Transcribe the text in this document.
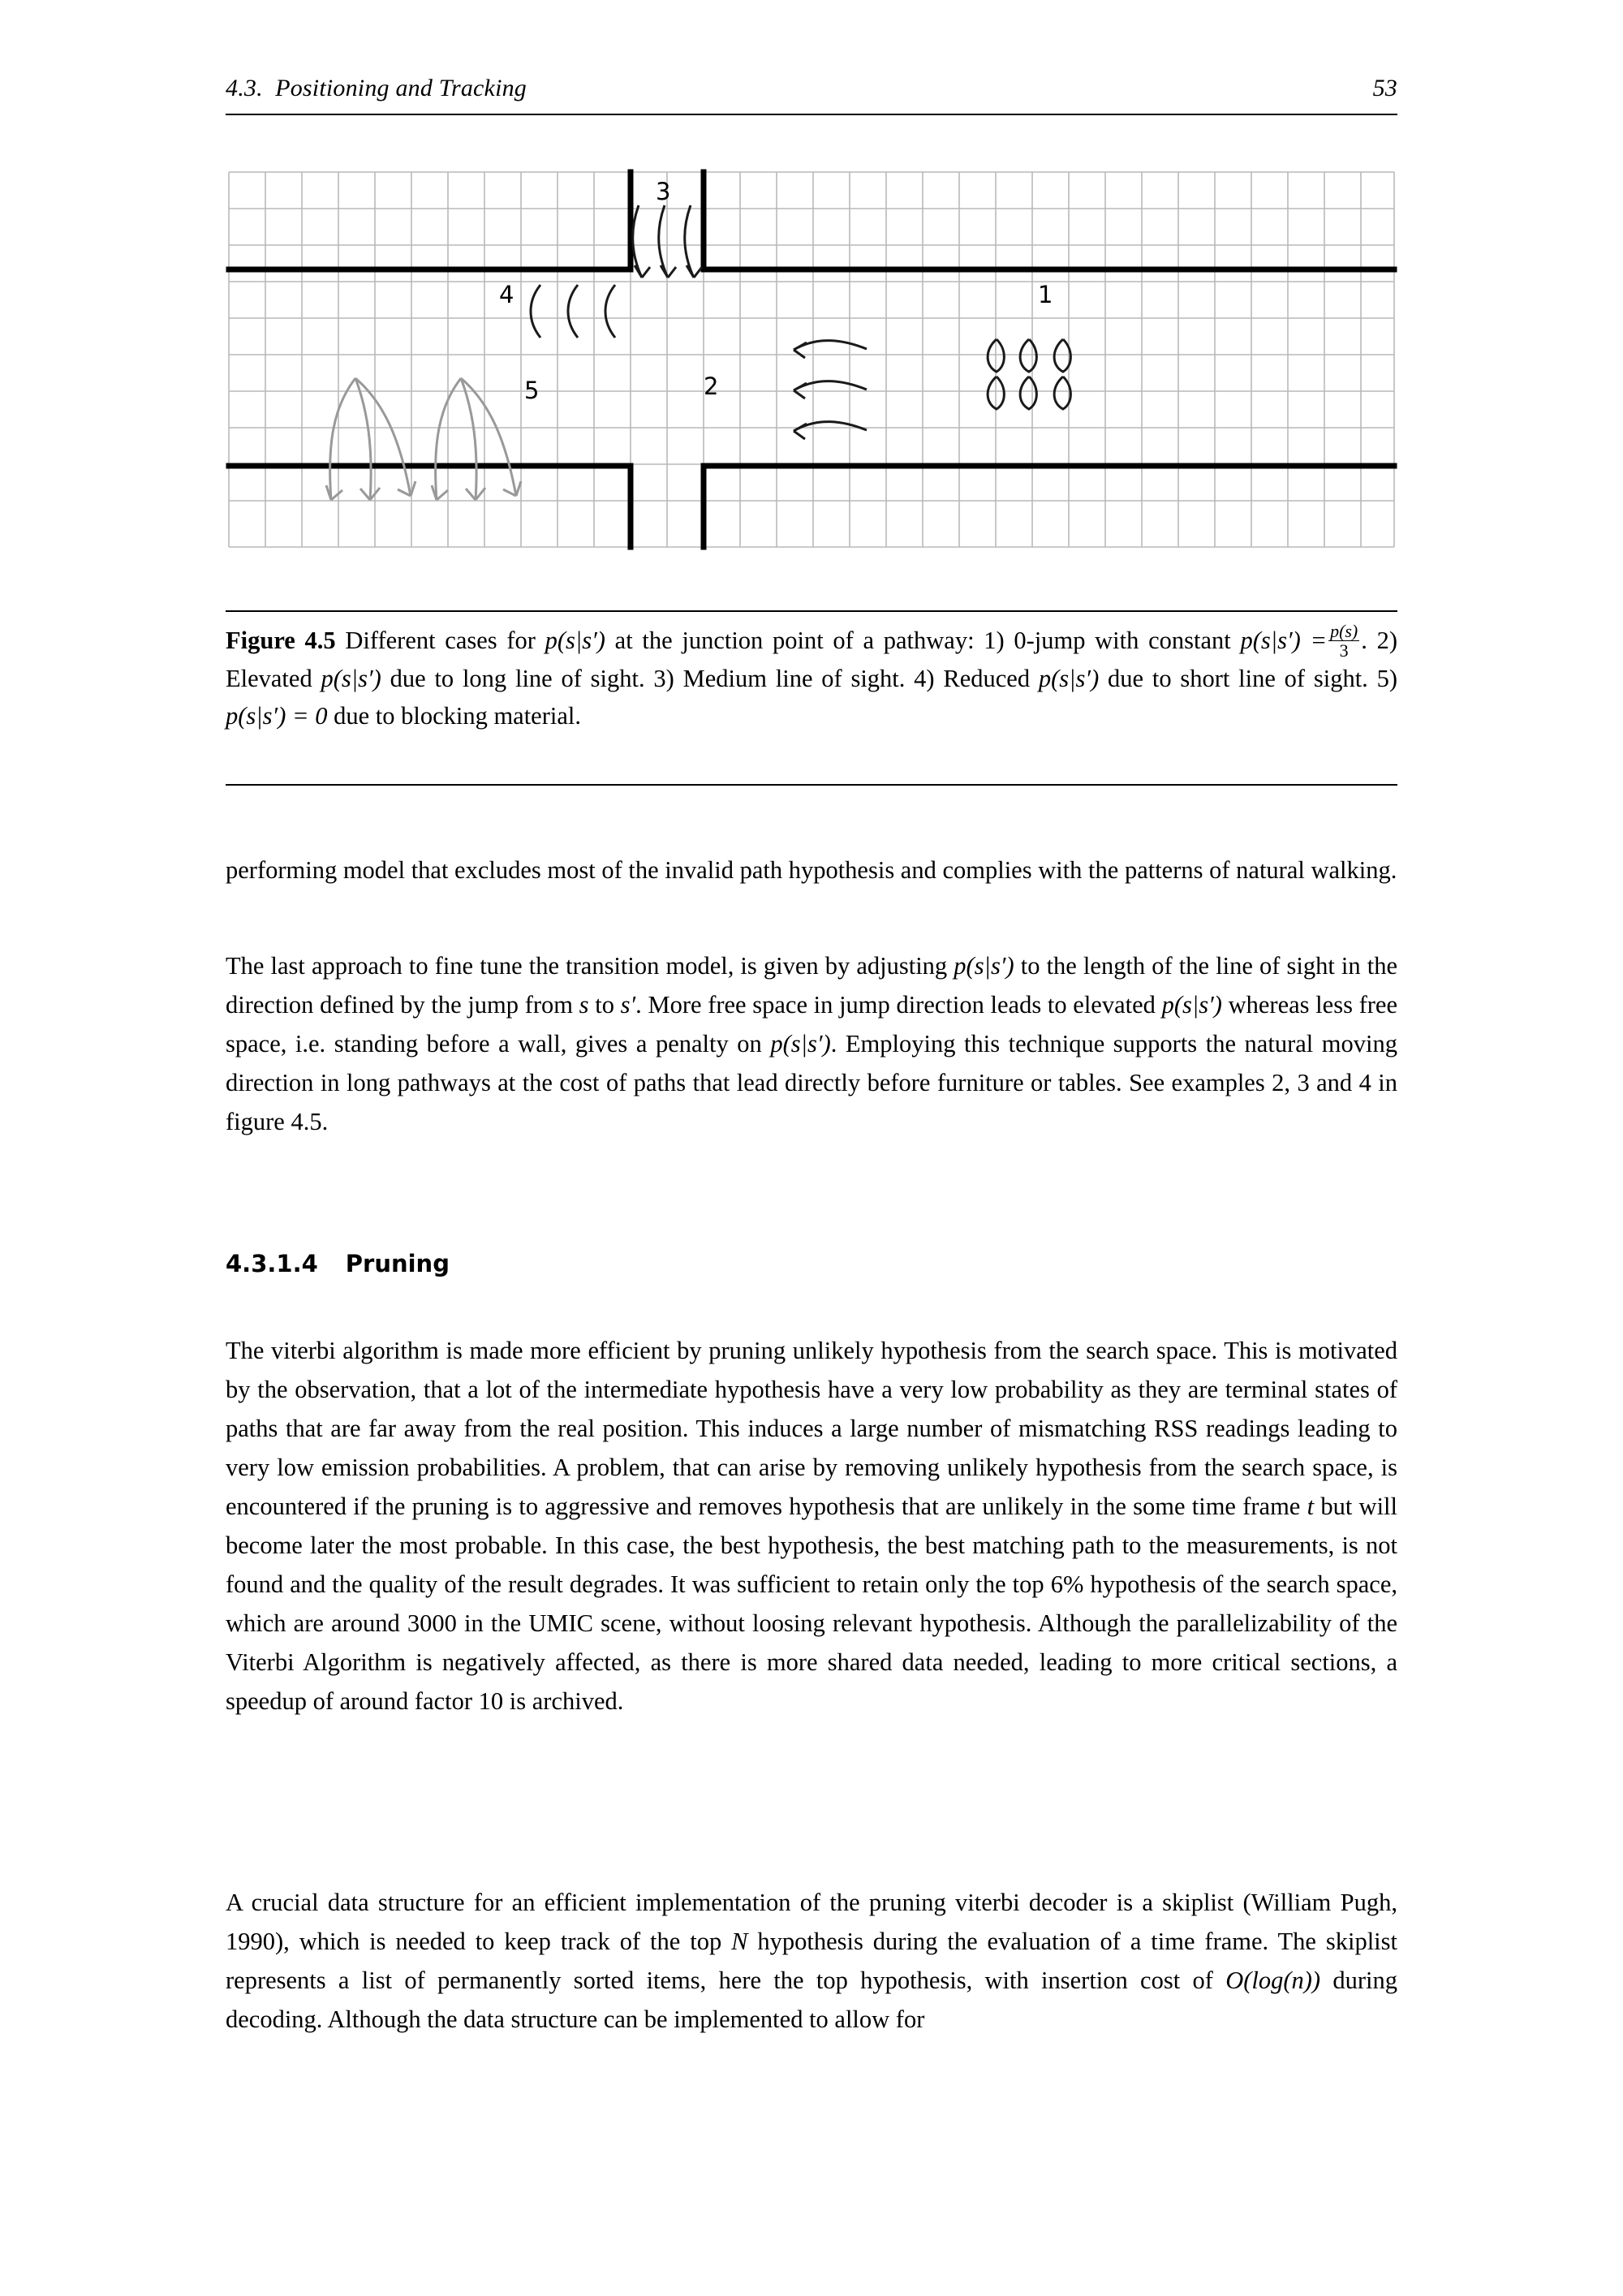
4.3.  Positioning and Tracking	53
3
1
2
4
5
Figure 4.5 Different cases for p(s|s′) at the junction point of a pathway: 1) 0-jump with constant $p(s|s') = \frac{p(s)}{3}$ . 2) Elevated p(s|s′) due to long line of sight. 3) Medium line of sight. 4) Reduced p(s|s′) due to short line of sight. 5) p(s|s′) = 0 due to blocking material.
performing model that excludes most of the invalid path hypothesis and complies with the patterns of natural walking.
The last approach to fine tune the transition model, is given by adjusting p(s|s′) to the length of the line of sight in the direction defined by the jump from s to s′. More free space in jump direction leads to elevated p(s|s′) whereas less free space, i.e. standing before a wall, gives a penalty on p(s|s′). Employing this technique supports the natural moving direction in long pathways at the cost of paths that lead directly before furniture or tables. See examples 2, 3 and 4 in figure 4.5.
4.3.1.4 Pruning
The viterbi algorithm is made more efficient by pruning unlikely hypothesis from the search space. This is motivated by the observation, that a lot of the intermediate hypothesis have a very low probability as they are terminal states of paths that are far away from the real position. This induces a large number of mismatching RSS readings leading to very low emission probabilities. A problem, that can arise by removing unlikely hypothesis from the search space, is encountered if the pruning is to aggressive and removes hypothesis that are unlikely in the some time frame t but will become later the most probable. In this case, the best hypothesis, the best matching path to the measurements, is not found and the quality of the result degrades. It was sufficient to retain only the top 6% hypothesis of the search space, which are around 3000 in the UMIC scene, without loosing relevant hypothesis. Although the parallelizability of the Viterbi Algorithm is negatively affected, as there is more shared data needed, leading to more critical sections, a speedup of around factor 10 is archived.
A crucial data structure for an efficient implementation of the pruning viterbi decoder is a skiplist (William Pugh, 1990), which is needed to keep track of the top N hypothesis during the evaluation of a time frame. The skiplist represents a list of permanently sorted items, here the top hypothesis, with insertion cost of O(log(n)) during decoding. Although the data structure can be implemented to allow for
